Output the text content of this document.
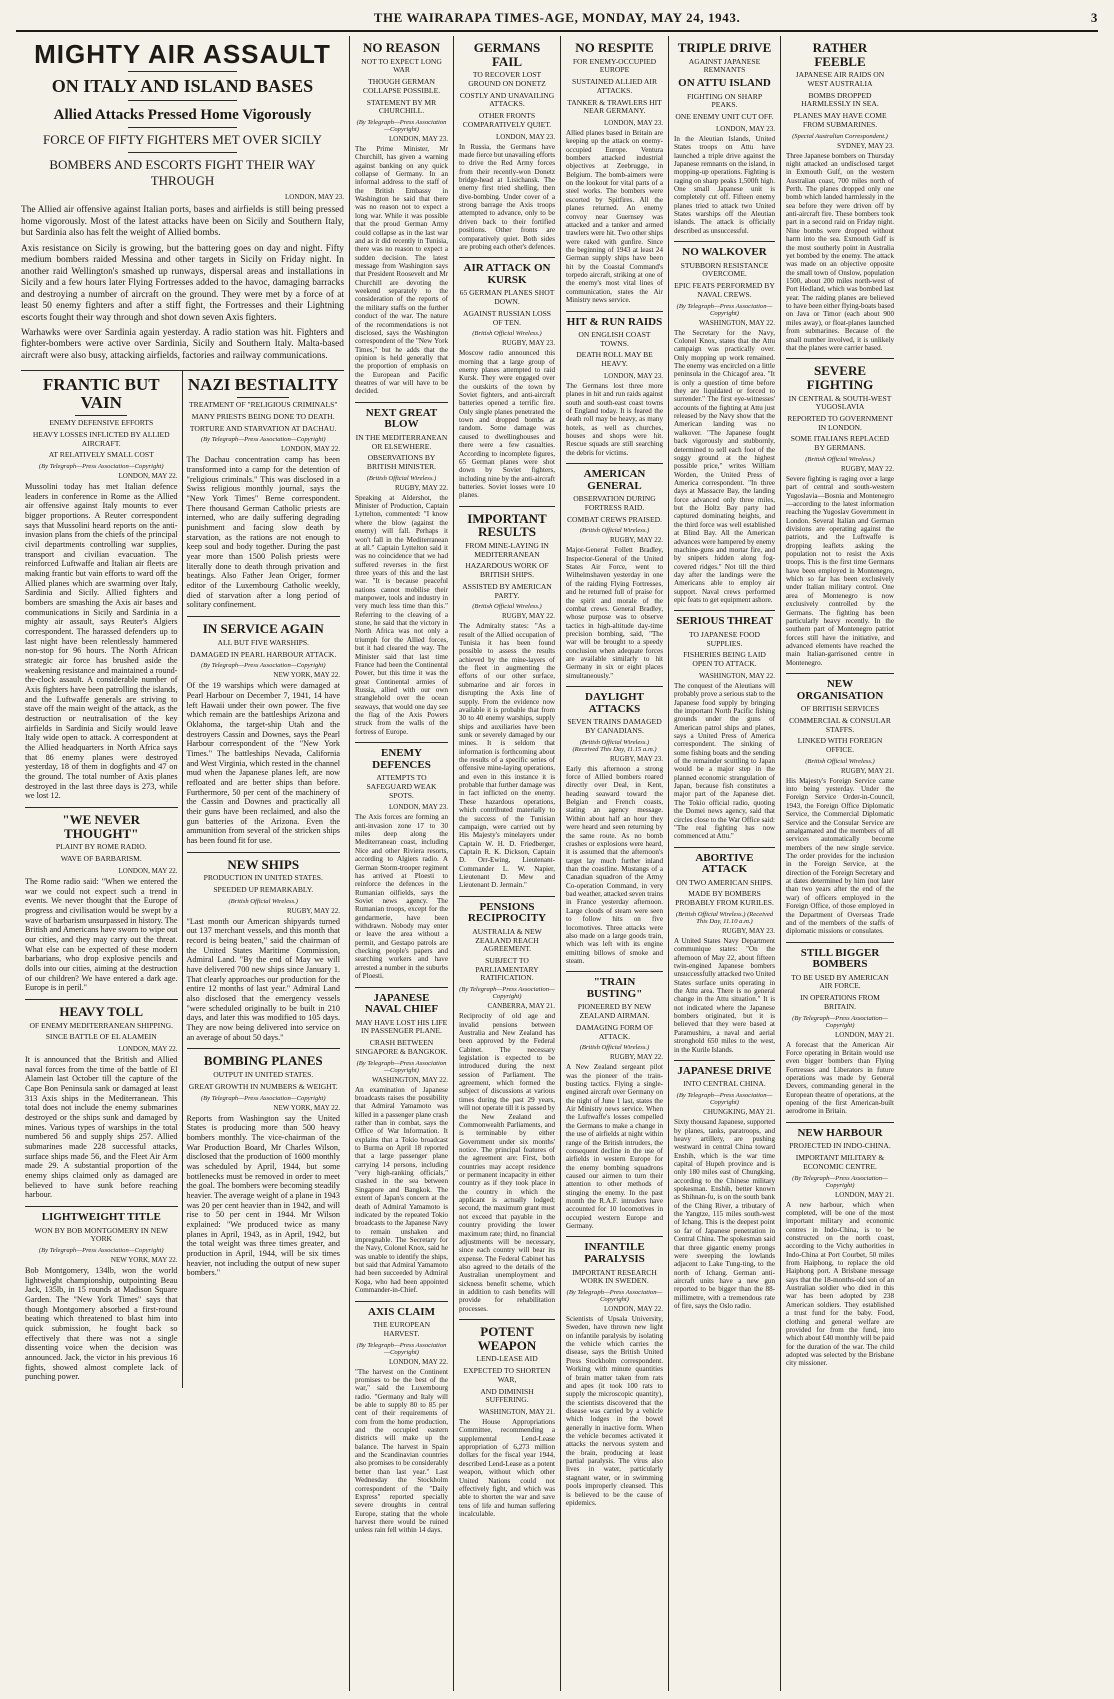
THE WAIRARAPA TIMES-AGE, MONDAY, MAY 24, 1943.	3
MIGHTY AIR ASSAULT
ON ITALY AND ISLAND BASES
Allied Attacks Pressed Home Vigorously
FORCE OF FIFTY FIGHTERS MET OVER SICILY
BOMBERS AND ESCORTS FIGHT THEIR WAY THROUGH
LONDON, MAY 23.

The Allied air offensive against Italian ports, bases and airfields is still being pressed home vigorously. Most of the latest attacks have been on Sicily and Southern Italy, but Sardinia also has felt the weight of Allied bombs.

Axis resistance on Sicily is growing, but the battering goes on day and night. Fifty medium bombers raided Messina and other targets in Sicily on Friday night. In another raid Wellington's smashed up runways, dispersal areas and installations in Sicily and a few hours later Flying Fortresses added to the havoc, damaging barracks and destroying a number of aircraft on the ground. They were met by a force of at least 50 enemy fighters and after a stiff fight, the Fortresses and their Lightning escorts fought their way through and shot down seven Axis fighters.

Warhawks were over Sardinia again yesterday. A radio station was hit. Fighters and fighter-bombers were active over Sardinia, Sicily and Southern Italy. Malta-based aircraft were also busy, attacking airfields, factories and railway communications.

FRANTIC BUT VAIN
ENEMY DEFENSIVE EFFORTS
HEAVY LOSSES INFLICTED BY ALLIED AIRCRAFT.
AT RELATIVELY SMALL COST
(By Telegraph—Press Association—Copyright)
LONDON, MAY 22.

Mussolini today has met Italian defence leaders in conference in Rome as the Allied air offensive against Italy mounts to ever bigger proportions. A Reuter correspondent says that Mussolini heard reports on the anti-invasion plans from the chiefs of the principal civil departments controlling war supplies, transport and civilian evacuation. The reinforced Luftwaffe and Italian air fleets are making frantic but vain efforts to ward off the Allied planes which are swarming over Italy, Sardinia and Sicily. Allied fighters and bombers are smashing the Axis air bases and communications in Sicily and Sardinia in a mighty air assault, says Reuter's Algiers correspondent. The harassed defenders up to last night have been relentlessly hammered non-stop for 96 hours. The North African strategic air force has brushed aside the weakening resistance and maintained a round-the-clock assault. A considerable number of Axis fighters have been patrolling the islands, and the Luftwaffe generals are striving to stave off the main weight of the attack, as the destruction or neutralisation of the key airfields in Sardinia and Sicily would leave Italy wide open to attack. A correspondent at the Allied headquarters in North Africa says that 86 enemy planes were destroyed yesterday, 18 of them in dogfights and 47 on the ground. The total number of Axis planes destroyed in the last three days is 273, while we lost 12.

"WE NEVER THOUGHT"
PLAINT BY ROME RADIO.
WAVE OF BARBARISM.
LONDON, MAY 22.

The Rome radio said: "When we entered the war we could not expect such a trend in events. We never thought that the Europe of progress and civilisation would be swept by a wave of barbarism unsurpassed in history. The British and Americans have sworn to wipe out our cities, and they may carry out the threat. What else can be expected of these modern barbarians, who drop explosive pencils and dolls into our cities, aiming at the destruction of our children? We have entered a dark age. Europe is in peril."

HEAVY TOLL
OF ENEMY MEDITERRANEAN SHIPPING.
SINCE BATTLE OF EL ALAMEIN
LONDON, MAY 22.

It is announced that the British and Allied naval forces from the time of the battle of El Alamein last October till the capture of the Cape Bon Peninsula sank or damaged at least 313 Axis ships in the Mediterranean. This total does not include the enemy submarines destroyed or the ships sunk and damaged by mines. Various types of warships in the total numbered 56 and supply ships 257. Allied submarines made 228 successful attacks, surface ships made 56, and the Fleet Air Arm made 29. A substantial proportion of the enemy ships claimed only as damaged are believed to have sunk before reaching harbour.

LIGHTWEIGHT TITLE
WON BY BOB MONTGOMERY IN NEW YORK
(By Telegraph—Press Association—Copyright)
NEW YORK, MAY 22.

Bob Montgomery, 134lb, won the world lightweight championship, outpointing Beau Jack, 135lb, in 15 rounds at Madison Square Garden. The "New York Times" says that though Montgomery absorbed a first-round beating which threatened to blast him into quick submission, he fought back so effectively that there was not a single dissenting voice when the decision was announced. Jack, the victor in his previous 16 fights, showed almost complete lack of punching power.

NAZI BESTIALITY
TREATMENT OF "RELIGIOUS CRIMINALS"
MANY PRIESTS BEING DONE TO DEATH.
TORTURE AND STARVATION AT DACHAU.
(By Telegraph—Press Association—Copyright)
LONDON, MAY 22.

The Dachau concentration camp has been transformed into a camp for the detention of "religious criminals." This was disclosed in a Swiss religious monthly journal, says the "New York Times" Berne correspondent. There thousand German Catholic priests are interned, who are daily suffering degrading punishment and facing slow death by starvation, as the rations are not enough to keep soul and body together. During the past year more than 1500 Polish priests were literally done to death through privation and beatings. Also Father Jean Origer, former editor of the Luxembourg Catholic weekly, died of starvation after a long period of solitary confinement.

IN SERVICE AGAIN
ALL BUT FIVE WARSHIPS.
DAMAGED IN PEARL HARBOUR ATTACK.
(By Telegraph—Press Association—Copyright)
NEW YORK, MAY 22.

Of the 19 warships which were damaged at Pearl Harbour on December 7, 1941, 14 have left Hawaii under their own power. The five which remain are the battleships Arizona and Oklahoma, the target-ship Utah and the destroyers Cassin and Downes, says the Pearl Harbour correspondent of the "New York Times." The battleships Nevada, California and West Virginia, which rested in the channel mud when the Japanese planes left, are now refloated and are better ships than before. Furthermore, 50 per cent of the machinery of the Cassin and Downes and practically all their guns have been reclaimed, and also the gun batteries of the Arizona. Even the ammunition from several of the stricken ships has been found fit for use.

NEW SHIPS
PRODUCTION IN UNITED STATES.
SPEEDED UP REMARKABLY.
(British Official Wireless.)
RUGBY, MAY 22.

"Last month our American shipyards turned out 137 merchant vessels, and this month that record is being beaten," said the chairman of the United States Maritime Commission, Admiral Land. "By the end of May we will have delivered 700 new ships since January 1. That clearly approaches our production for the entire 12 months of last year." Admiral Land also disclosed that the emergency vessels "were scheduled originally to be built in 210 days, and later this was modified to 105 days. They are now being delivered into service on an average of about 50 days."

BOMBING PLANES
OUTPUT IN UNITED STATES.
GREAT GROWTH IN NUMBERS & WEIGHT.
(By Telegraph—Press Association—Copyright)
NEW YORK, MAY 22.

Reports from Washington say the United States is producing more than 500 heavy bombers monthly. The vice-chairman of the War Production Board, Mr Charles Wilson, disclosed that the production of 1600 monthly was scheduled by April, 1944, but some bottlenecks must be removed in order to meet the goal. The bombers were becoming steadily heavier. The average weight of a plane in 1943 was 20 per cent heavier than in 1942, and will rise to 50 per cent in 1944. Mr Wilson explained: "We produced twice as many planes in April, 1943, as in April, 1942, but the total weight was three times greater, and production in April, 1944, will be six times heavier, not including the output of new super bombers."

NO REASON
NOT TO EXPECT LONG WAR
THOUGH GERMAN COLLAPSE POSSIBLE.
STATEMENT BY MR CHURCHILL.
(By Telegraph—Press Association—Copyright)
LONDON, MAY 23.

The Prime Minister, Mr Churchill, has given a warning against banking on any quick collapse of Germany. In an informal address to the staff of the British Embassy in Washington he said that there was no reason not to expect a long war. While it was possible that the proud German Army could collapse as in the last war and as it did recently in Tunisia, there was no reason to expect a sudden decision. The latest message from Washington says that President Roosevelt and Mr Churchill are devoting the weekend separately to the consideration of the reports of the military staffs on the further conduct of the war. The nature of the recommendations is not disclosed, says the Washington correspondent of the "New York Times," but he adds that the opinion is held generally that the proportion of emphasis on the European and Pacific theatres of war will have to be decided.

NEXT GREAT BLOW
IN THE MEDITERRANEAN OR ELSEWHERE.
OBSERVATIONS BY BRITISH MINISTER.
(British Official Wireless.)
RUGBY, MAY 22.

Speaking at Aldershot, the Minister of Production, Captain Lyttelton, commented: "I know where the blow (against the enemy) will fall. Perhaps it won't fall in the Mediterranean at all." Captain Lyttelton said it was no coincidence that we had suffered reverses in the first three years of this and the last war. "It is because peaceful nations cannot mobilise their manpower, tools and industry in very much less time than this." Referring to the cleaving of a stone, he said that the victory in North Africa was not only a triumph for the Allied forces, but it had cleared the way. The Minister said that last time France had been the Continental Power, but this time it was the great Continental armies of Russia, allied with our own stranglehold over the ocean seaways, that would one day see the flag of the Axis Powers struck from the walls of the fortress of Europe.

ENEMY DEFENCES
ATTEMPTS TO SAFEGUARD WEAK SPOTS.
LONDON, MAY 23.

The Axis forces are forming an anti-invasion zone 17 to 30 miles deep along the Mediterranean coast, including Nice and other Riviera resorts, according to Algiers radio. A German Storm-trooper regiment has arrived at Ploesti to reinforce the defences in the Rumanian oilfields, says the Soviet news agency. The Rumanian troops, except for the gendarmerie, have been withdrawn. Nobody may enter or leave the area without a permit, and Gestapo patrols are checking people's papers and searching workers and have arrested a number in the suburbs of Ploesti.

JAPANESE NAVAL CHIEF
MAY HAVE LOST HIS LIFE IN PASSENGER PLANE.
CRASH BETWEEN SINGAPORE & BANGKOK.
(By Telegraph—Press Association—Copyright)
WASHINGTON, MAY 22.

An examination of Japanese broadcasts raises the possibility that Admiral Yamamoto was killed in a passenger plane crash rather than in combat, says the Office of War Information. It explains that a Tokio broadcast to Burma on April 18 reported that a large passenger plane carrying 14 persons, including "very high-ranking officials," crashed in the sea between Singapore and Bangkok. The extent of Japan's concern at the death of Admiral Yamamoto is indicated by the repeated Tokio broadcasts to the Japanese Navy to remain unshaken and impregnable. The Secretary for the Navy, Colonel Knox, said he was unable to identify the ships, but said that Admiral Yamamoto had been succeeded by Admiral Koga, who had been appointed Commander-in-Chief.

AXIS CLAIM
THE EUROPEAN HARVEST.
(By Telegraph—Press Association—Copyright)
LONDON, MAY 22.

"The harvest on the Continent promises to be the best of the war," said the Luxembourg radio. "Germany and Italy will be able to supply 80 to 85 per cent of their requirements of corn from the home production, and the occupied eastern districts will make up the balance. The harvest in Spain and the Scandinavian countries also promises to be considerably better than last year." Last Wednesday the Stockholm correspondent of the "Daily Express" reported specially severe droughts in central Europe, stating that the whole harvest there would be ruined unless rain fell within 14 days.

GERMANS FAIL
TO RECOVER LOST GROUND ON DONETZ
COSTLY AND UNAVAILING ATTACKS.
OTHER FRONTS COMPARATIVELY QUIET.
LONDON, MAY 23.

In Russia, the Germans have made fierce but unavailing efforts to drive the Red Army forces from their recently-won Donetz bridge-head at Lisichansk. The enemy first tried shelling, then dive-bombing. Under cover of a strong barrage the Axis troops attempted to advance, only to be driven back to their fortified positions. Other fronts are comparatively quiet. Both sides are probing each other's defences.

AIR ATTACK ON KURSK
65 GERMAN PLANES SHOT DOWN.
AGAINST RUSSIAN LOSS OF TEN.
(British Official Wireless.)
RUGBY, MAY 23.

Moscow radio announced this morning that a large group of enemy planes attempted to raid Kursk. They were engaged over the outskirts of the town by Soviet fighters, and anti-aircraft batteries opened a terrific fire. Only single planes penetrated the town and dropped bombs at random. Some damage was caused to dwellinghouses and there were a few casualties. According to incomplete figures, 65 German planes were shot down by Soviet fighters, including nine by the anti-aircraft batteries. Soviet losses were 10 planes.

IMPORTANT RESULTS
FROM MINE-LAYING IN MEDITERRANEAN
HAZARDOUS WORK OF BRITISH SHIPS.
ASSISTED BY AMERICAN PARTY.
(British Official Wireless.)
RUGBY, MAY 22.

The Admiralty states: "As a result of the Allied occupation of Tunisia it has been found possible to assess the results achieved by the mine-layers of the fleet in augmenting the efforts of our other surface, submarine and air forces in disrupting the Axis line of supply. From the evidence now available it is probable that from 30 to 40 enemy warships, supply ships and auxiliaries have been sunk or severely damaged by our mines. It is seldom that information is forthcoming about the results of a specific series of offensive mine-laying operations, and even in this instance it is probable that further damage was in fact inflicted on the enemy. These hazardous operations, which contributed materially to the success of the Tunisian campaign, were carried out by His Majesty's minelayers under Captain W. H. D. Friedberger, Captain R. K. Dickson, Captain D. Orr-Ewing, Lieutenant-Commander L. W. Napier, Lieutenant D. Mew and Lieutenant D. Jermain."

PENSIONS RECIPROCITY
AUSTRALIA & NEW ZEALAND REACH AGREEMENT.
SUBJECT TO PARLIAMENTARY RATIFICATION.
(By Telegraph—Press Association—Copyright)
CANBERRA, MAY 21.

Reciprocity of old age and invalid pensions between Australia and New Zealand has been approved by the Federal Cabinet. The necessary legislation is expected to be introduced during the next session of Parliament. The agreement, which formed the subject of discussions at various times during the past 29 years, will not operate till it is passed by the New Zealand and Commonwealth Parliaments, and is terminable by either Government under six months' notice. The principal features of the agreement are: First, both countries may accept residence or permanent incapacity in either country as if they took place in the country in which the applicant is actually lodged; second, the maximum grant must not exceed that payable in the country providing the lower maximum rate; third, no financial adjustments will be necessary, since each country will bear its expense. The Federal Cabinet has also agreed to the details of the Australian unemployment and sickness benefit scheme, which in addition to cash benefits will provide for rehabilitation processes.

POTENT WEAPON
LEND-LEASE AID
EXPECTED TO SHORTEN WAR,
AND DIMINISH SUFFERING.
WASHINGTON, MAY 21.

The House Appropriations Committee, recommending a supplemental Lend-Lease appropriation of 6,273 million dollars for the fiscal year 1944, described Lend-Lease as a potent weapon, without which other United Nations could not effectively fight, and which was able to shorten the war and save tens of life and human suffering incalculable.

NO RESPITE
FOR ENEMY-OCCUPIED EUROPE
SUSTAINED ALLIED AIR ATTACKS.
TANKER & TRAWLERS HIT NEAR GERMANY.
LONDON, MAY 23.

Allied planes based in Britain are keeping up the attack on enemy-occupied Europe. Ventura bombers attacked industrial objectives at Zeebrugge, in Belgium. The bomb-aimers were on the lookout for vital parts of a steel works. The bombers were escorted by Spitfires. All the planes returned. An enemy convoy near Guernsey was attacked and a tanker and armed trawlers were hit. Two other ships were raked with gunfire. Since the beginning of 1943 at least 24 German supply ships have been hit by the Coastal Command's torpedo aircraft, striking at one of the enemy's most vital lines of communication, states the Air Ministry news service.

HIT & RUN RAIDS
ON ENGLISH COAST TOWNS.
DEATH ROLL MAY BE HEAVY.
LONDON, MAY 23.

The Germans lost three more planes in hit and run raids against south and south-east coast towns of England today. It is feared the death roll may be heavy, as many hotels, as well as churches, houses and shops were hit. Rescue squads are still searching the debris for victims.

AMERICAN GENERAL
OBSERVATION DURING FORTRESS RAID.
COMBAT CREWS PRAISED.
(British Official Wireless.)
RUGBY, MAY 22.

Major-General Follett Bradley, Inspector-General of the United States Air Force, went to Wilhelmshaven yesterday in one of the raiding Flying Fortresses, and he returned full of praise for the spirit and morale of the combat crews. General Bradley, whose purpose was to observe tactics in high-altitude day-time precision bombing, said, "The war will be brought to a speedy conclusion when adequate forces are available similarly to hit Germany in six or eight places simultaneously."

DAYLIGHT ATTACKS
SEVEN TRAINS DAMAGED BY CANADIANS.
(British Official Wireless.) (Received This Day, 11.15 a.m.)
RUGBY, MAY 23.

Early this afternoon a strong force of Allied bombers roared directly over Deal, in Kent, heading seaward toward the Belgian and French coasts, stating an agency message. Within about half an hour they were heard and seen returning by the same route. As no bomb crashes or explosions were heard, it is assumed that the afternoon's target lay much further inland than the coastline. Mustangs of a Canadian squadron of the Army Co-operation Command, in very bad weather, attacked seven trains in France yesterday afternoon. Large clouds of steam were seen to follow hits on five locomotives. Three attacks were also made on a large goods train, which was left with its engine emitting billows of smoke and steam.

"TRAIN BUSTING"
PIONEERED BY NEW ZEALAND AIRMAN.
DAMAGING FORM OF ATTACK.
(British Official Wireless.)
RUGBY, MAY 22.

A New Zealand sergeant pilot was the pioneer of the train-busting tactics. Flying a single-engined aircraft over Germany on the night of June 1 last, states the Air Ministry news service. When the Luftwaffe's losses compelled the Germans to make a change in the use of airfields at night within range of the British intruders, the consequent decline in the use of airfields in western Europe for the enemy bombing squadrons caused our airmen to turn their attention to other methods of stinging the enemy. In the past month the R.A.F. intruders have accounted for 10 locomotives in occupied western Europe and Germany.

INFANTILE PARALYSIS
IMPORTANT RESEARCH WORK IN SWEDEN.
(By Telegraph—Press Association—Copyright)
LONDON, MAY 22.

Scientists of Upsala University, Sweden, have thrown new light on infantile paralysis by isolating the vehicle which carries the disease, says the British United Press Stockholm correspondent. Working with minute quantities of brain matter taken from rats and apes (it took 100 rats to supply the microscopic quantity), the scientists discovered that the disease was carried by a vehicle which lodges in the bowel generally in inactive form. When the vehicle becomes activated it attacks the nervous system and the brain, producing at least partial paralysis. The virus also lives in water, particularly stagnant water, or in swimming pools improperly cleansed. This is believed to be the cause of epidemics.

TRIPLE DRIVE
AGAINST JAPANESE REMNANTS
ON ATTU ISLAND
FIGHTING ON SHARP PEAKS.
ONE ENEMY UNIT CUT OFF.
LONDON, MAY 23.

In the Aleutian Islands, United States troops on Attu have launched a triple drive against the Japanese remnants on the island, in mopping-up operations. Fighting is raging on sharp peaks 1,500ft high. One small Japanese unit is completely cut off. Fifteen enemy planes tried to attack two United States warships off the Aleutian islands. The attack is officially described as unsuccessful.

NO WALKOVER
STUBBORN RESISTANCE OVERCOME.
EPIC FEATS PERFORMED BY NAVAL CREWS.
(By Telegraph—Press Association—Copyright)
WASHINGTON, MAY 22.

The Secretary for the Navy, Colonel Knox, states that the Attu campaign was practically over. Only mopping up work remained. The enemy was encircled on a little peninsula in the Chicagof area. "It is only a question of time before they are liquidated or forced to surrender." The first eye-witnesses' accounts of the fighting at Attu just released by the Navy show that the American landing was no walkover. "The Japanese fought back vigorously and stubbornly, determined to sell each foot of the soggy ground at the highest possible price," writes William Worden, the United Press of America correspondent. "In three days at Massacre Bay, the landing force advanced only three miles, but the Holtz Bay party had captured dominating heights, and the third force was well established at Blind Bay. All the American advances were hampered by enemy machine-guns and mortar fire, and by snipers hidden along fog-covered ridges." Not till the third day after the landings were the Americans able to employ air support. Naval crews performed epic feats to get equipment ashore.

SERIOUS THREAT
TO JAPANESE FOOD SUPPLIES.
FISHERIES BEING LAID OPEN TO ATTACK.
WASHINGTON, MAY 22.

The conquest of the Aleutians will probably prove a serious stab to the Japanese food supply by bringing the important North Pacific fishing grounds under the guns of American patrol ships and planes, says a United Press of America correspondent. The sinking of some fishing boats and the sending of the remainder scuttling to Japan would be a major step in the planned economic strangulation of Japan, because fish constitutes a major part of the Japanese diet. The Tokio official radio, quoting the Domei news agency, said that circles close to the War Office said: "The real fighting has now commenced at Attu."

ABORTIVE ATTACK
ON TWO AMERICAN SHIPS.
MADE BY BOMBERS PROBABLY FROM KURILES.
(British Official Wireless.) (Received This Day, 11.10 a.m.)
RUGBY, MAY 23.

A United States Navy Department communique states: "On the afternoon of May 22, about fifteen twin-engined Japanese bombers unsuccessfully attacked two United States surface units operating in the Attu area. There is no general change in the Attu situation." It is not indicated where the Japanese bombers originated, but it is believed that they were based at Paramushiru, a naval and aerial stronghold 650 miles to the west, in the Kurile Islands.

JAPANESE DRIVE
INTO CENTRAL CHINA.
(By Telegraph—Press Association—Copyright)
CHUNGKING, MAY 21.

Sixty thousand Japanese, supported by planes, tanks, paratroops, and heavy artillery, are pushing westward in central China toward Enshih, which is the war time capital of Hupeh province and is only 180 miles east of Chungking, according to the Chinese military spokesman. Enshih, better known as Shihnan-fu, is on the south bank of the Ching River, a tributary of the Yangtze, 115 miles south-west of Ichang. This is the deepest point so far of Japanese penetration in Central China. The spokesman said that three gigantic enemy prongs were sweeping the lowlands adjacent to Lake Tung-ting, to the north of Ichang. German anti-aircraft units have a new gun reported to be bigger than the 88-millimetre, with a tremendous rate of fire, says the Oslo radio.

RATHER FEEBLE
JAPANESE AIR RAIDS ON WEST AUSTRALIA
BOMBS DROPPED HARMLESSLY IN SEA.
PLANES MAY HAVE COME FROM SUBMARINES.
(Special Australian Correspondent.)
SYDNEY, MAY 23.

Three Japanese bombers on Thursday night attacked an undisclosed target in Exmouth Gulf, on the western Australian coast, 700 miles north of Perth. The planes dropped only one bomb which landed harmlessly in the sea before they were driven off by anti-aircraft fire. These bombers took part in a second raid on Friday night. Nine bombs were dropped without harm into the sea. Exmouth Gulf is the most southerly point in Australia yet bombed by the enemy. The attack was made on an objective opposite the small town of Onslow, population 1500, about 200 miles north-west of Port Hedland, which was bombed last year. The raiding planes are believed to have been either flying-boats based on Java or Timor (each about 900 miles away), or float-planes launched from submarines. Because of the small number involved, it is unlikely that the planes were carrier based.

SEVERE FIGHTING
IN CENTRAL & SOUTH-WEST YUGOSLAVIA
REPORTED TO GOVERNMENT IN LONDON.
SOME ITALIANS REPLACED BY GERMANS.
(British Official Wireless.)
RUGBY, MAY 22.

Severe fighting is raging over a large part of central and south-western Yugoslavia—Bosnia and Montenegro—according to the latest information reaching the Yugoslav Government in London. Several Italian and German divisions are operating against the patriots, and the Luftwaffe is dropping leaflets asking the population not to resist the Axis troops. This is the first time Germans have been employed in Montenegro, which so far has been exclusively under Italian military control. One area of Montenegro is now exclusively controlled by the Germans. The fighting has been particularly heavy recently. In the southern part of Montenegro patriot forces still have the initiative, and advanced elements have reached the main Italian-garrisoned centre in Montenegro.

NEW ORGANISATION
OF BRITISH SERVICES
COMMERCIAL & CONSULAR STAFFS.
LINKED WITH FOREIGN OFFICE.
(British Official Wireless.)
RUGBY, MAY 21.

His Majesty's Foreign Service came into being yesterday. Under the Foreign Service Order-in-Council, 1943, the Foreign Office Diplomatic Service, the Commercial Diplomatic Service and the Consular Service are amalgamated and the members of all services automatically become members of the new single service. The order provides for the inclusion in the Foreign Service, at the direction of the Foreign Secretary and at dates determined by him (not later than two years after the end of the war) of officers employed in the Foreign Office, of those employed in the Department of Overseas Trade and of the members of the staffs of diplomatic missions or consulates.

STILL BIGGER BOMBERS
TO BE USED BY AMERICAN AIR FORCE.
IN OPERATIONS FROM BRITAIN.
(By Telegraph—Press Association—Copyright)
LONDON, MAY 21.

A forecast that the American Air Force operating in Britain would use even bigger bombers than Flying Fortresses and Liberators in future operations was made by General Devers, commanding general in the European theatre of operations, at the opening of the first American-built aerodrome in Britain.

NEW HARBOUR
PROJECTED IN INDO-CHINA.
IMPORTANT MILITARY & ECONOMIC CENTRE.
(By Telegraph—Press Association—Copyright)
LONDON, MAY 21.

A new harbour, which when completed, will be one of the most important military and economic centres in Indo-China, is to be constructed on the north coast, according to the Vichy authorities in Indo-China at Port Courbet, 50 miles from Haiphong, to replace the old Haiphong port. A Brisbane message says that the 18-months-old son of an Australian soldier who died in this war has been adopted by 238 American soldiers. They established a trust fund for the baby. Food, clothing and general welfare are provided for from the fund, into which about £40 monthly will be paid for the duration of the war. The child adopted was selected by the Brisbane city missioner.
